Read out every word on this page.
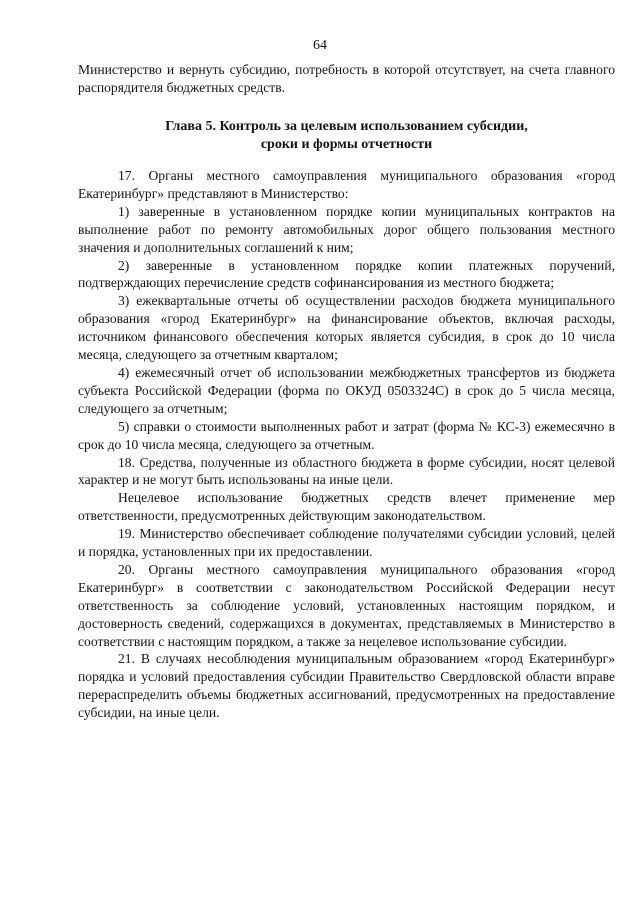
64

Министерство и вернуть субсидию, потребность в которой отсутствует, на счета главного распорядителя бюджетных средств.

Глава 5. Контроль за целевым использованием субсидии,
сроки и формы отчетности

17. Органы местного самоуправления муниципального образования «город Екатеринбург» представляют в Министерство:

1) заверенные в установленном порядке копии муниципальных контрактов на выполнение работ по ремонту автомобильных дорог общего пользования местного значения и дополнительных соглашений к ним;

2) заверенные в установленном порядке копии платежных поручений, подтверждающих перечисление средств софинансирования из местного бюджета;

3) ежеквартальные отчеты об осуществлении расходов бюджета муниципального образования «город Екатеринбург» на финансирование объектов, включая расходы, источником финансового обеспечения которых является субсидия, в срок до 10 числа месяца, следующего за отчетным кварталом;

4) ежемесячный отчет об использовании межбюджетных трансфертов из бюджета субъекта Российской Федерации (форма по ОКУД 0503324С) в срок до 5 числа месяца, следующего за отчетным;

5) справки о стоимости выполненных работ и затрат (форма № КС-3) ежемесячно в срок до 10 числа месяца, следующего за отчетным.

18. Средства, полученные из областного бюджета в форме субсидии, носят целевой характер и не могут быть использованы на иные цели.

Нецелевое использование бюджетных средств влечет применение мер ответственности, предусмотренных действующим законодательством.

19. Министерство обеспечивает соблюдение получателями субсидии условий, целей и порядка, установленных при их предоставлении.

20. Органы местного самоуправления муниципального образования «город Екатеринбург» в соответствии с законодательством Российской Федерации несут ответственность за соблюдение условий, установленных настоящим порядком, и достоверность сведений, содержащихся в документах, представляемых в Министерство в соответствии с настоящим порядком, а также за нецелевое использование субсидии.

21. В случаях несоблюдения муниципальным образованием «город Екатеринбург» порядка и условий предоставления субсидии Правительство Свердловской области вправе перераспределить объемы бюджетных ассигнований, предусмотренных на предоставление субсидии, на иные цели.
